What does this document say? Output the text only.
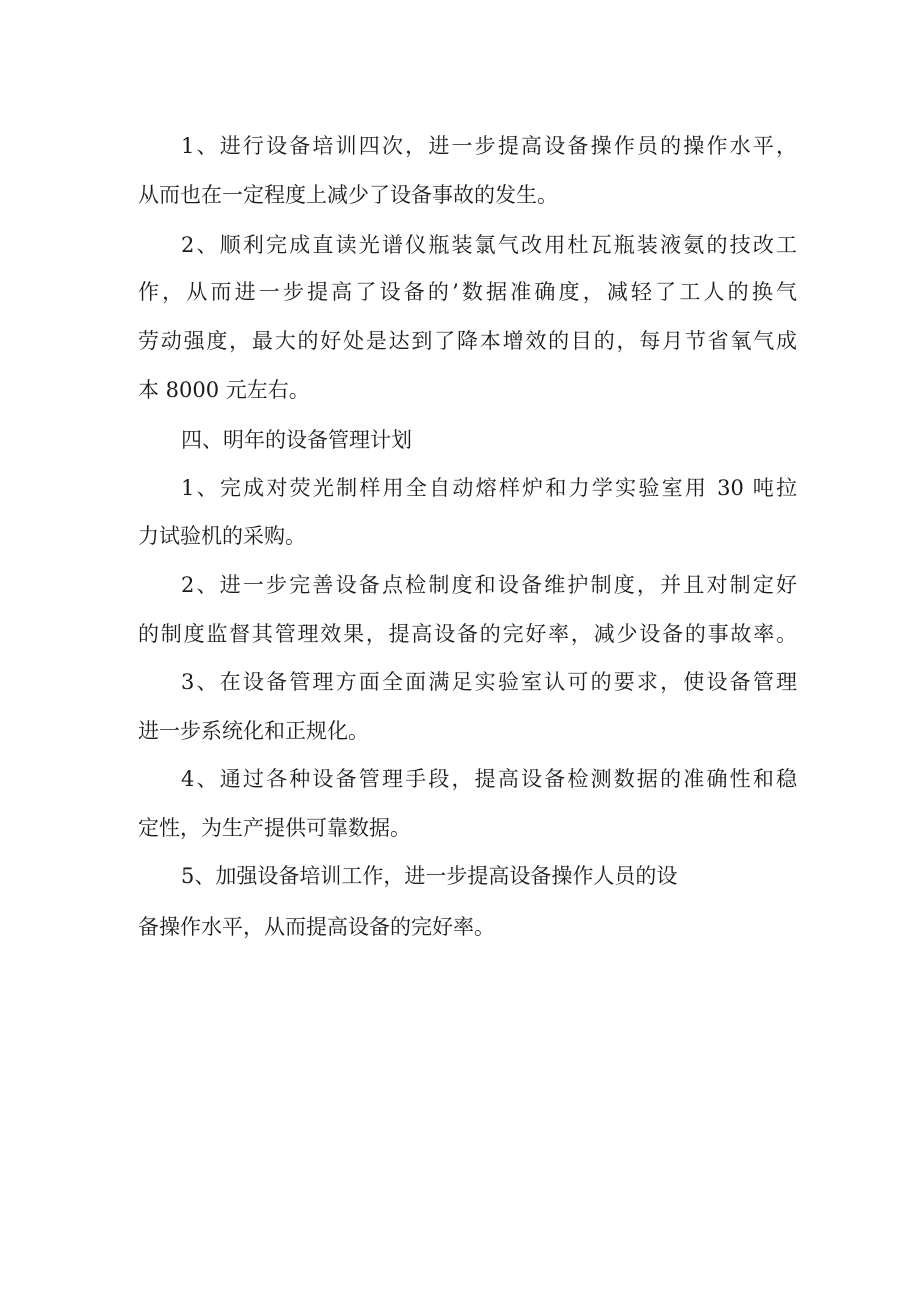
1、进行设备培训四次，进一步提高设备操作员的操作水平，

从而也在一定程度上减少了设备事故的发生。

2、顺利完成直读光谱仪瓶装氯气改用杜瓦瓶装液氨的技改工

作，从而进一步提高了设备的’数据准确度，减轻了工人的换气

劳动强度，最大的好处是达到了降本增效的目的，每月节省氧气成

本 8000 元左右。

四、明年的设备管理计划

1、完成对荧光制样用全自动熔样炉和力学实验室用 30 吨拉

力试验机的采购。

2、进一步完善设备点检制度和设备维护制度，并且对制定好

的制度监督其管理效果，提高设备的完好率，减少设备的事故率。

3、在设备管理方面全面满足实验室认可的要求，使设备管理

进一步系统化和正规化。

4、通过各种设备管理手段，提高设备检测数据的准确性和稳

定性，为生产提供可靠数据。

5、加强设备培训工作，进一步提高设备操作人员的设

备操作水平，从而提高设备的完好率。
